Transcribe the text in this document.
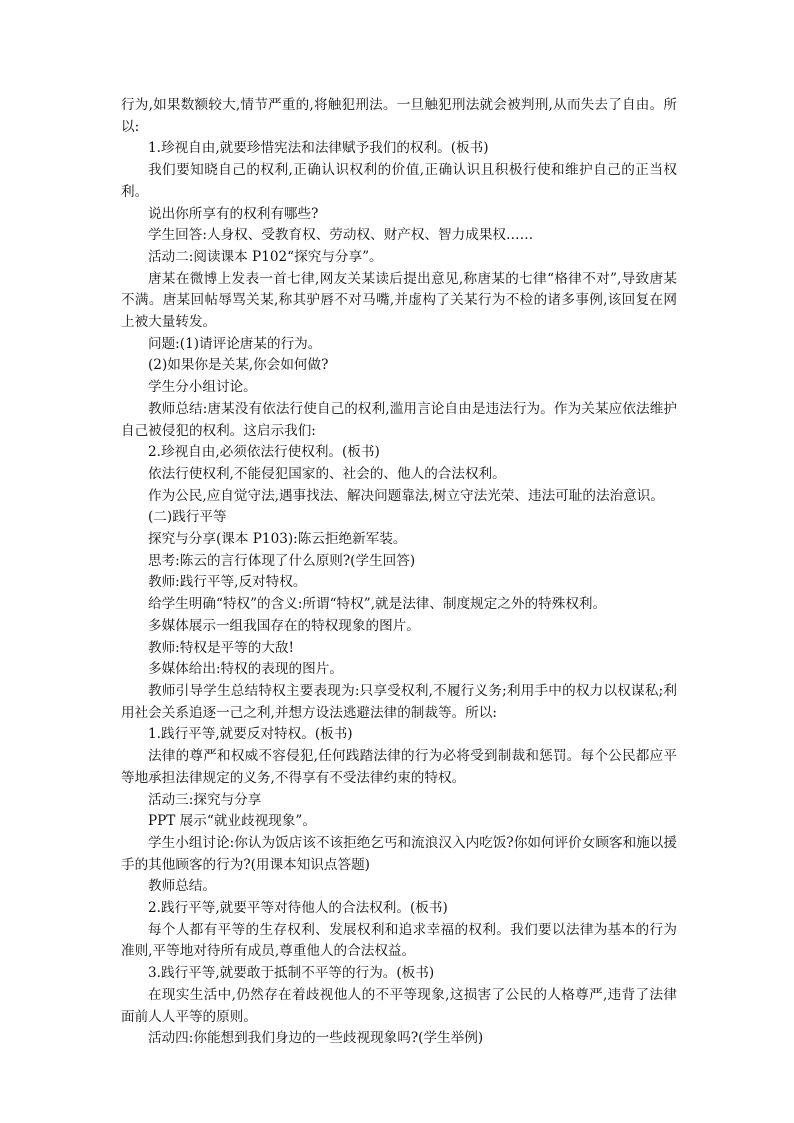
行为,如果数额较大,情节严重的,将触犯刑法。一旦触犯刑法就会被判刑,从而失去了自由。所以:

1.珍视自由,就要珍惜宪法和法律赋予我们的权利。(板书)

我们要知晓自己的权利,正确认识权利的价值,正确认识且积极行使和维护自己的正当权利。

说出你所享有的权利有哪些?

学生回答:人身权、受教育权、劳动权、财产权、智力成果权……

活动二:阅读课本 P102“探究与分享”。

唐某在微博上发表一首七律,网友关某读后提出意见,称唐某的七律“格律不对”,导致唐某不满。唐某回帖辱骂关某,称其驴唇不对马嘴,并虚构了关某行为不检的诸多事例,该回复在网上被大量转发。

问题:(1)请评论唐某的行为。

(2)如果你是关某,你会如何做?

学生分小组讨论。

教师总结:唐某没有依法行使自己的权利,滥用言论自由是违法行为。作为关某应依法维护自己被侵犯的权利。这启示我们:

2.珍视自由,必须依法行使权利。(板书)

依法行使权利,不能侵犯国家的、社会的、他人的合法权利。

作为公民,应自觉守法,遇事找法、解决问题靠法,树立守法光荣、违法可耻的法治意识。

(二)践行平等

探究与分享(课本 P103):陈云拒绝新军装。

思考:陈云的言行体现了什么原则?(学生回答)

教师:践行平等,反对特权。

给学生明确“特权”的含义:所谓“特权”,就是法律、制度规定之外的特殊权利。

多媒体展示一组我国存在的特权现象的图片。

教师:特权是平等的大敌!

多媒体给出:特权的表现的图片。

教师引导学生总结特权主要表现为:只享受权利,不履行义务;利用手中的权力以权谋私;利用社会关系追逐一己之利,并想方设法逃避法律的制裁等。所以:

1.践行平等,就要反对特权。(板书)

法律的尊严和权威不容侵犯,任何践踏法律的行为必将受到制裁和惩罚。每个公民都应平等地承担法律规定的义务,不得享有不受法律约束的特权。

活动三:探究与分享

PPT 展示“就业歧视现象”。

学生小组讨论:你认为饭店该不该拒绝乞丐和流浪汉入内吃饭?你如何评价女顾客和施以援手的其他顾客的行为?(用课本知识点答题)

教师总结。

2.践行平等,就要平等对待他人的合法权利。(板书)

每个人都有平等的生存权利、发展权利和追求幸福的权利。我们要以法律为基本的行为准则,平等地对待所有成员,尊重他人的合法权益。

3.践行平等,就要敢于抵制不平等的行为。(板书)

在现实生活中,仍然存在着歧视他人的不平等现象,这损害了公民的人格尊严,违背了法律面前人人平等的原则。

活动四:你能想到我们身边的一些歧视现象吗?(学生举例)
